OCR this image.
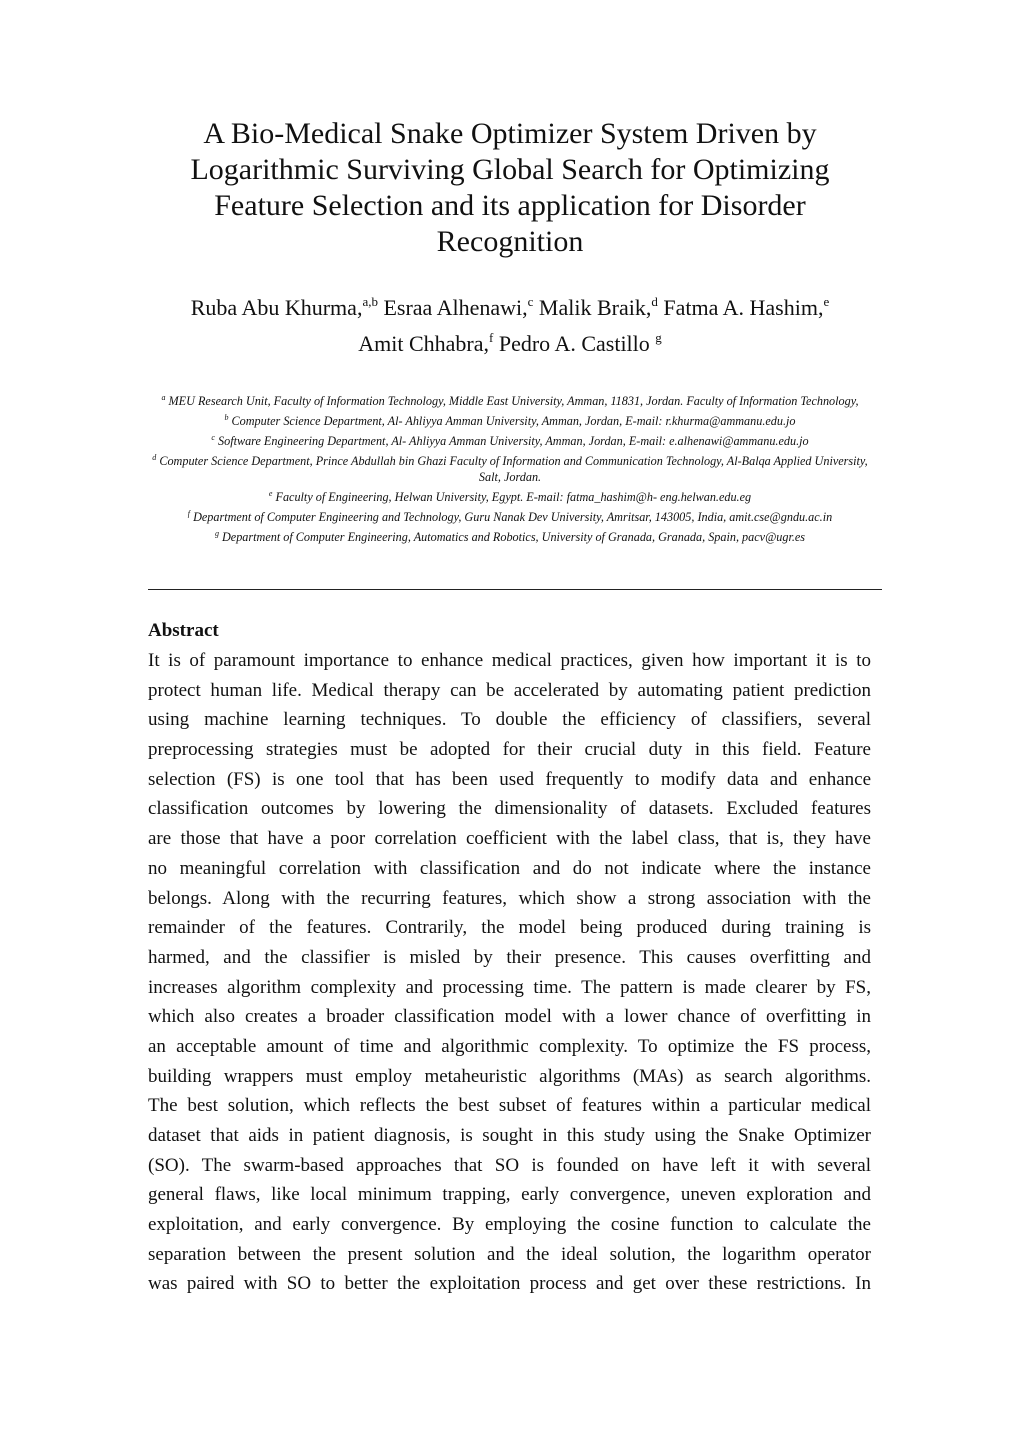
A Bio-Medical Snake Optimizer System Driven by
Logarithmic Surviving Global Search for Optimizing
Feature Selection and its application for Disorder
Recognition
Ruba Abu Khurma,$^{a,b}$ Esraa Alhenawi,$^c$ Malik Braik,$^d$ Fatma A. Hashim,$^e$
Amit Chhabra,$^f$ Pedro A. Castillo $^g$

$^a$ MEU Research Unit, Faculty of Information Technology, Middle East University, Amman, 11831, Jordan. Faculty of Information Technology,

$^b$ Computer Science Department, Al- Ahliyya Amman University, Amman, Jordan, E-mail: r.khurma@ammanu.edu.jo

$^c$ Software Engineering Department, Al- Ahliyya Amman University, Amman, Jordan, E-mail: e.alhenawi@ammanu.edu.jo

$^d$ Computer Science Department, Prince Abdullah bin Ghazi Faculty of Information and Communication Technology, Al-Balqa Applied University, Salt, Jordan.

$^e$ Faculty of Engineering, Helwan University, Egypt. E-mail: fatma_hashim@h- eng.helwan.edu.eg

$^f$ Department of Computer Engineering and Technology, Guru Nanak Dev University, Amritsar, 143005, India, amit.cse@gndu.ac.in

$^g$ Department of Computer Engineering, Automatics and Robotics, University of Granada, Granada, Spain, pacv@ugr.es

Abstract
It is of paramount importance to enhance medical practices, given how important it is to
protect human life. Medical therapy can be accelerated by automating patient prediction
using machine learning techniques. To double the efficiency of classifiers, several
preprocessing strategies must be adopted for their crucial duty in this field. Feature
selection (FS) is one tool that has been used frequently to modify data and enhance
classification outcomes by lowering the dimensionality of datasets. Excluded features
are those that have a poor correlation coefficient with the label class, that is, they have
no meaningful correlation with classification and do not indicate where the instance
belongs. Along with the recurring features, which show a strong association with the
remainder of the features. Contrarily, the model being produced during training is
harmed, and the classifier is misled by their presence. This causes overfitting and
increases algorithm complexity and processing time. The pattern is made clearer by FS,
which also creates a broader classification model with a lower chance of overfitting in
an acceptable amount of time and algorithmic complexity. To optimize the FS process,
building wrappers must employ metaheuristic algorithms (MAs) as search algorithms.
The best solution, which reflects the best subset of features within a particular medical
dataset that aids in patient diagnosis, is sought in this study using the Snake Optimizer
(SO). The swarm-based approaches that SO is founded on have left it with several
general flaws, like local minimum trapping, early convergence, uneven exploration and
exploitation, and early convergence. By employing the cosine function to calculate the
separation between the present solution and the ideal solution, the logarithm operator
was paired with SO to better the exploitation process and get over these restrictions. In
